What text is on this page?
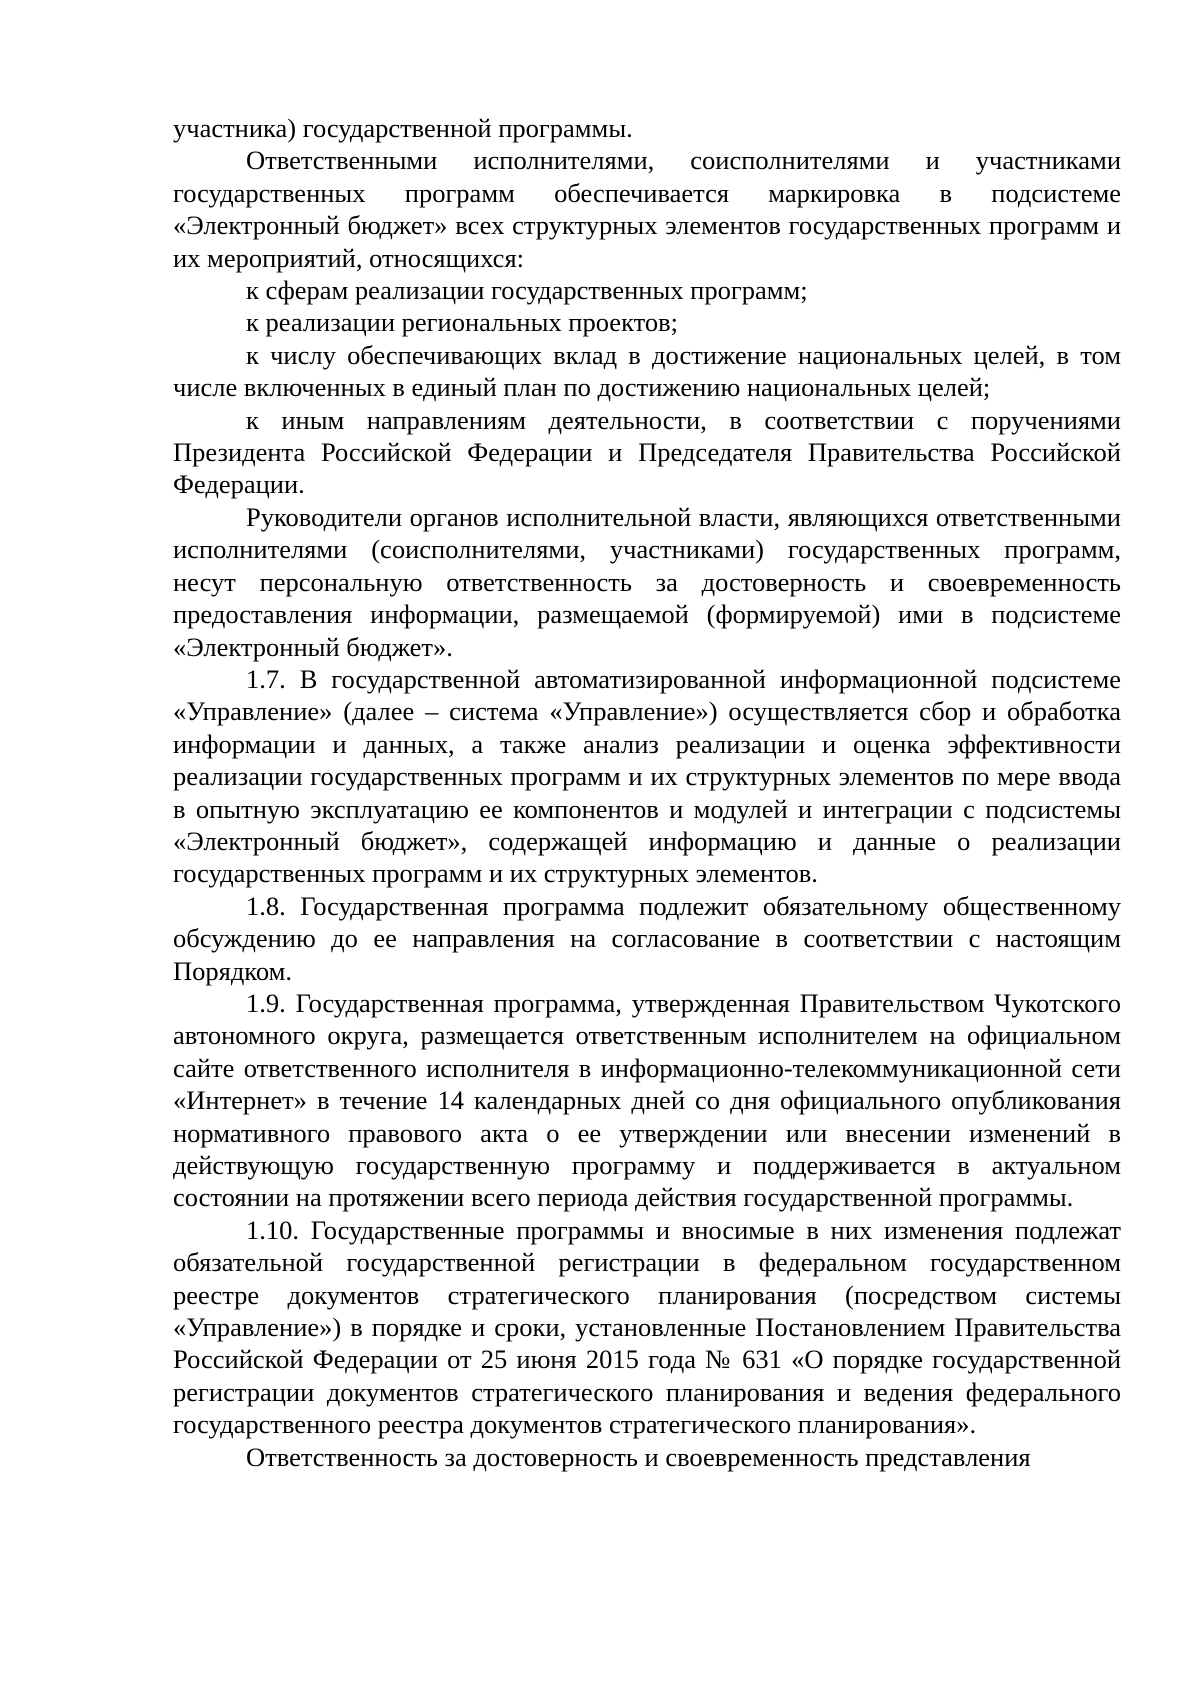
участника) государственной программы.

Ответственными исполнителями, соисполнителями и участниками государственных программ обеспечивается маркировка в подсистеме «Электронный бюджет» всех структурных элементов государственных программ и их мероприятий, относящихся:

к сферам реализации государственных программ;

к реализации региональных проектов;

к числу обеспечивающих вклад в достижение национальных целей, в том числе включенных в единый план по достижению национальных целей;

к иным направлениям деятельности, в соответствии с поручениями Президента Российской Федерации и Председателя Правительства Российской Федерации.

Руководители органов исполнительной власти, являющихся ответственными исполнителями (соисполнителями, участниками) государственных программ, несут персональную ответственность за достоверность и своевременность предоставления информации, размещаемой (формируемой) ими в подсистеме «Электронный бюджет».

1.7. В государственной автоматизированной информационной подсистеме «Управление» (далее – система «Управление») осуществляется сбор и обработка информации и данных, а также анализ реализации и оценка эффективности реализации государственных программ и их структурных элементов по мере ввода в опытную эксплуатацию ее компонентов и модулей и интеграции с подсистемы «Электронный бюджет», содержащей информацию и данные о реализации государственных программ и их структурных элементов.

1.8. Государственная программа подлежит обязательному общественному обсуждению до ее направления на согласование в соответствии с настоящим Порядком.

1.9. Государственная программа, утвержденная Правительством Чукотского автономного округа, размещается ответственным исполнителем на официальном сайте ответственного исполнителя в информационно-телекоммуникационной сети «Интернет» в течение 14 календарных дней со дня официального опубликования нормативного правового акта о ее утверждении или внесении изменений в действующую государственную программу и поддерживается в актуальном состоянии на протяжении всего периода действия государственной программы.

1.10. Государственные программы и вносимые в них изменения подлежат обязательной государственной регистрации в федеральном государственном реестре документов стратегического планирования (посредством системы «Управление») в порядке и сроки, установленные Постановлением Правительства Российской Федерации от 25 июня 2015 года № 631 «О порядке государственной регистрации документов стратегического планирования и ведения федерального государственного реестра документов стратегического планирования».

Ответственность за достоверность и своевременность представления
